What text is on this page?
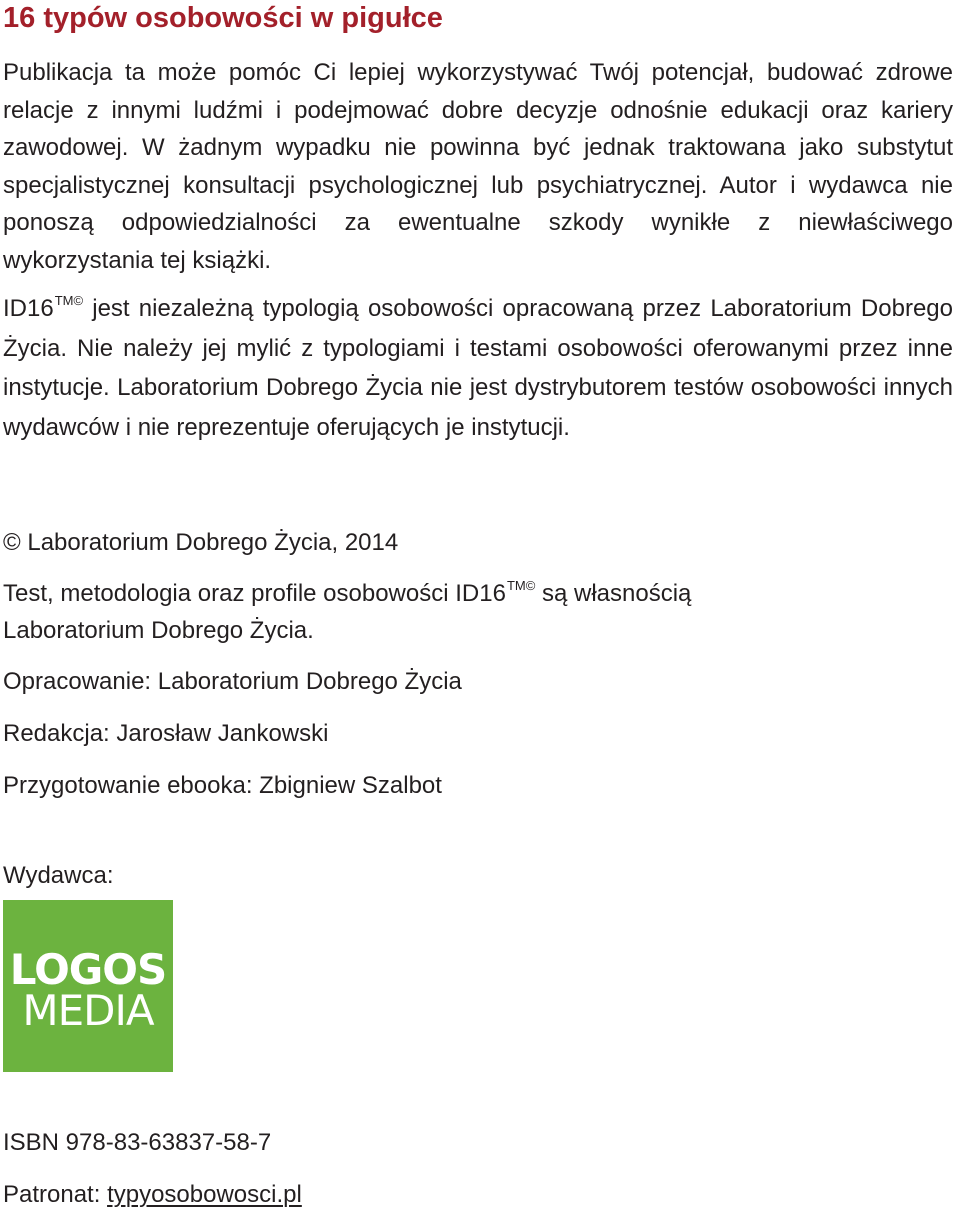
16 typów osobowości w pigułce

Publikacja ta może pomóc Ci lepiej wykorzystywać Twój potencjał, budować zdrowe relacje z innymi ludźmi i podejmować dobre decyzje odnośnie edukacji oraz kariery zawodowej. W żadnym wypadku nie powinna być jednak traktowana jako substytut specjalistycznej konsultacji psychologicznej lub psychiatrycznej. Autor i wydawca nie ponoszą odpowiedzialności za ewentualne szkody wynikłe z niewłaściwego wykorzystania tej książki.

$ID16^{TM©}$ jest niezależną typologią osobowości opracowaną przez Laboratorium Dobrego Życia. Nie należy jej mylić z typologiami i testami osobowości oferowanymi przez inne instytucje. Laboratorium Dobrego Życia nie jest dystrybutorem testów osobowości innych wydawców i nie reprezentuje oferujących je instytucji.

© Laboratorium Dobrego Życia, 2014

Test, metodologia oraz profile osobowości $ID16^{TM©}$ są własnością

Laboratorium Dobrego Życia.

Opracowanie: Laboratorium Dobrego Życia

Redakcja: Jarosław Jankowski

Przygotowanie ebooka: Zbigniew Szalbot

Wydawca:

LOGOS
MEDIA

ISBN 978-83-63837-58-7

Patronat: typyosobowosci.pl
